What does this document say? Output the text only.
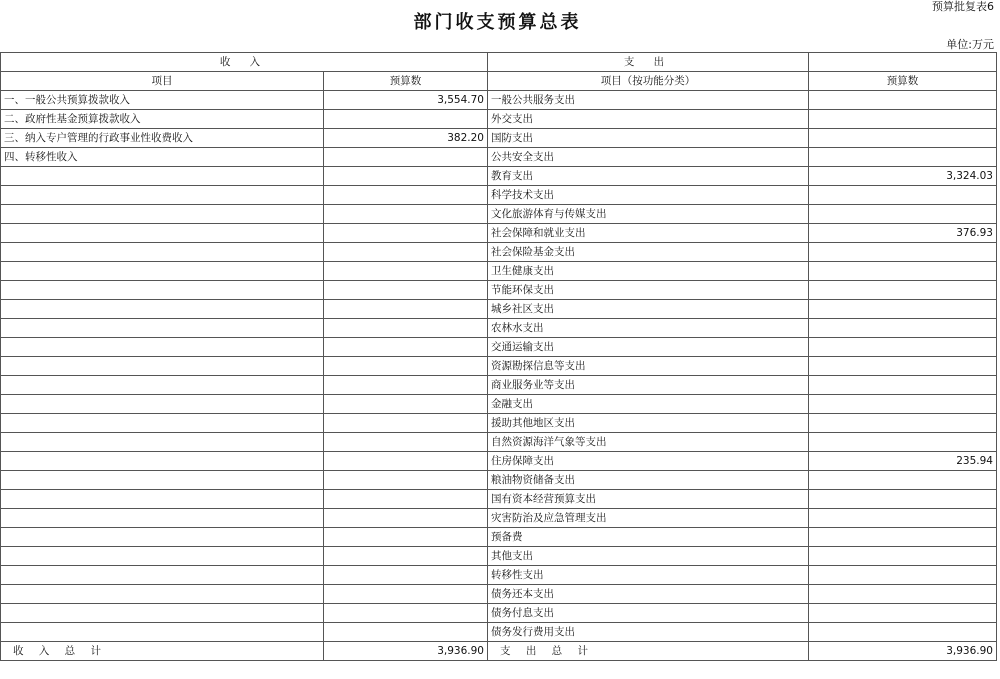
预算批复表6
部门收支预算总表
单位:万元
收 入		支 出	
项目	预算数	项目（按功能分类）	预算数
一、一般公共预算拨款收入	3,554.70	一般公共服务支出	
二、政府性基金预算拨款收入		外交支出	
三、纳入专户管理的行政事业性收费收入	382.20	国防支出	
四、转移性收入		公共安全支出	
		教育支出	3,324.03
		科学技术支出	
		文化旅游体育与传媒支出	
		社会保障和就业支出	376.93
		社会保险基金支出	
		卫生健康支出	
		节能环保支出	
		城乡社区支出	
		农林水支出	
		交通运输支出	
		资源勘探信息等支出	
		商业服务业等支出	
		金融支出	
		援助其他地区支出	
		自然资源海洋气象等支出	
		住房保障支出	235.94
		粮油物资储备支出	
		国有资本经营预算支出	
		灾害防治及应急管理支出	
		预备费	
		其他支出	
		转移性支出	
		债务还本支出	
		债务付息支出	
		债务发行费用支出	
收 入 总 计	3,936.90	支 出 总 计	3,936.90
